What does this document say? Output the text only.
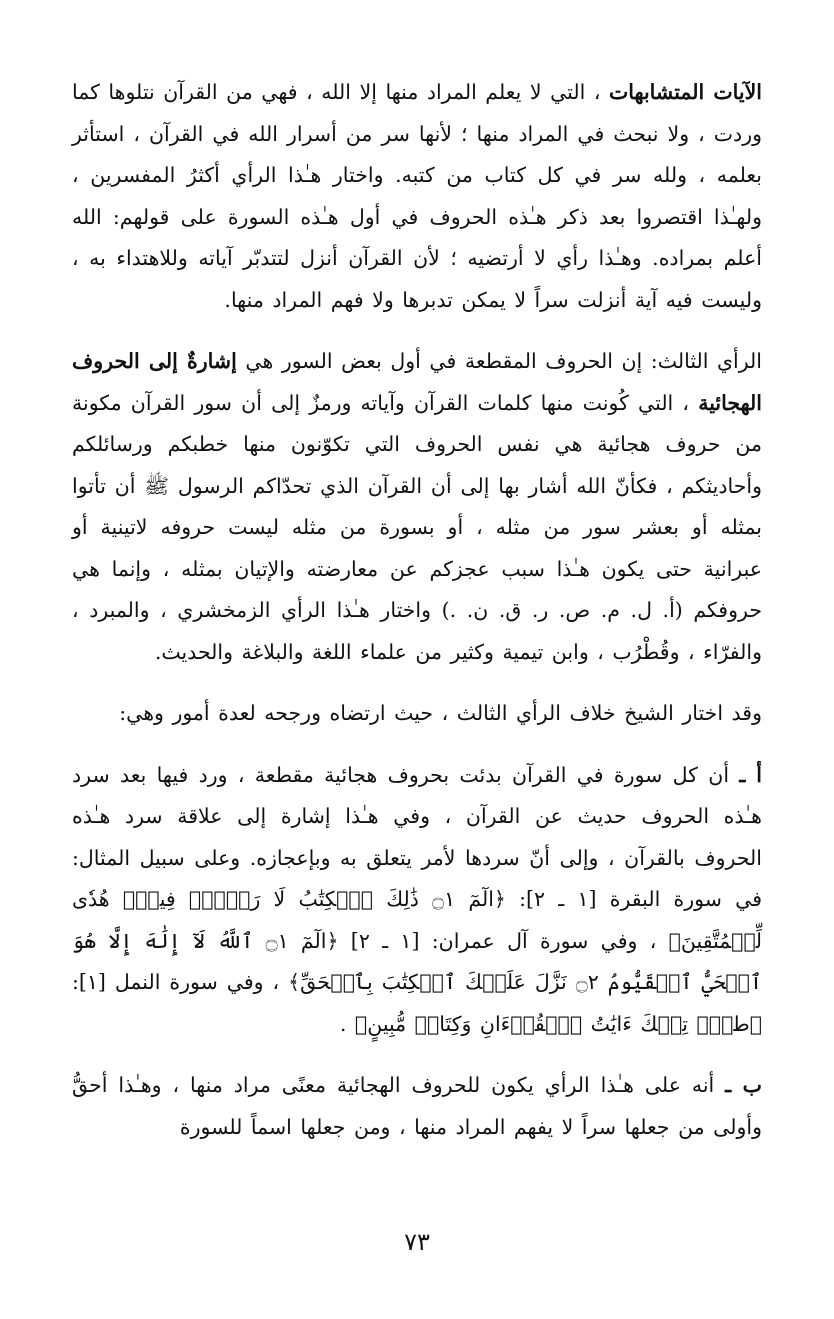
الآيات المتشابهات ، التي لا يعلم المراد منها إلا الله ، فهي من القرآن نتلوها كما وردت ، ولا نبحث في المراد منها ؛ لأنها سر من أسرار الله في القرآن ، استأثر بعلمه ، ولله سر في كل كتاب من كتبه. واختار هـٰذا الرأي أكثرُ المفسرين ، ولهـٰذا اقتصروا بعد ذكر هـٰذه الحروف في أول هـٰذه السورة على قولهم: الله أعلم بمراده. وهـٰذا رأي لا أرتضيه ؛ لأن القرآن أنزل لتتدبّر آياته وللاهتداء به ، وليست فيه آية أنزلت سراً لا يمكن تدبرها ولا فهم المراد منها.

الرأي الثالث: إن الحروف المقطعة في أول بعض السور هي إشارةٌ إلى الحروف الهجائية ، التي كُونت منها كلمات القرآن وآياته ورمزٌ إلى أن سور القرآن مكونة من حروف هجائية هي نفس الحروف التي تكوّنون منها خطبكم ورسائلكم وأحاديثكم ، فكأنّ الله أشار بها إلى أن القرآن الذي تحدّاكم الرسول ﷺ أن تأتوا بمثله أو بعشر سور من مثله ، أو بسورة من مثله ليست حروفه لاتينية أو عبرانية حتى يكون هـٰذا سبب عجزكم عن معارضته والإتيان بمثله ، وإنما هي حروفكم (أ. ل. م. ص. ر. ق. ن. .) واختار هـٰذا الرأي الزمخشري ، والمبرد ، والفرّاء ، وقُطْرُب ، وابن تيمية وكثير من علماء اللغة والبلاغة والحديث.

وقد اختار الشيخ خلاف الرأي الثالث ، حيث ارتضاه ورجحه لعدة أمور وهي:

أ ـ أن كل سورة في القرآن بدئت بحروف هجائية مقطعة ، ورد فيها بعد سرد هـٰذه الحروف حديث عن القرآن ، وفي هـٰذا إشارة إلى علاقة سرد هـٰذه الحروف بالقرآن ، وإلى أنّ سردها لأمر يتعلق به وبإعجازه. وعلى سبيل المثال: في سورة البقرة [١ ـ ٢]: ﴿الٓمٓ ۝١ ذَٰلِكَ ٱلۡكِتَٰبُ لَا رَيۡبَۛ فِيهِۛ هُدٗى لِّلۡمُتَّقِينَ﴾ ، وفي سورة آل عمران: [١ ـ ٢] ﴿الٓمٓ ۝١ ٱللَّهُ لَآ إِلَٰهَ إِلَّا هُوَ ٱلۡحَيُّ ٱلۡقَيُّومُ ۝٢ نَزَّلَ عَلَيۡكَ ٱلۡكِتَٰبَ بِٱلۡحَقِّ﴾ ، وفي سورة النمل [١]: ﴿طسٓۚ تِلۡكَ ءَايَٰتُ ٱلۡقُرۡءَانِ وَكِتَابٖ مُّبِينٍ﴾ .

ب ـ أنه على هـٰذا الرأي يكون للحروف الهجائية معنًى مراد منها ، وهـٰذا أحقُّ وأولى من جعلها سراً لا يفهم المراد منها ، ومن جعلها اسماً للسورة

٧٣
